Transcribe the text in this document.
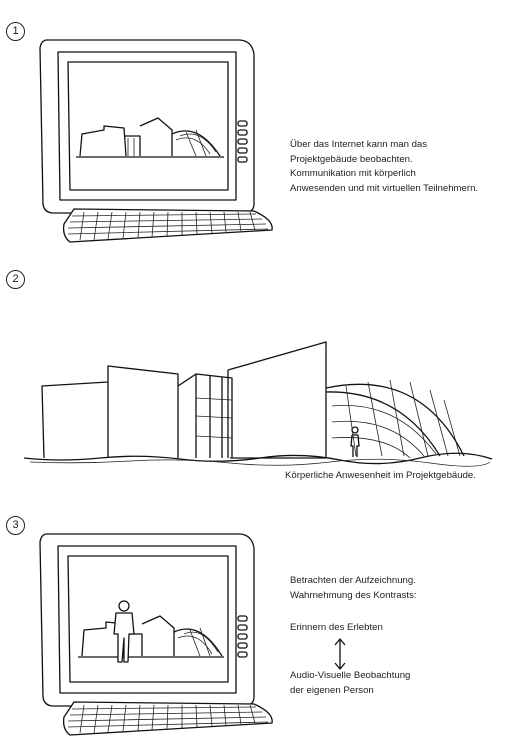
1
Über das Internet kann man das
Projektgebäude beobachten.
Kommunikation mit körperlich
Anwesenden und mit virtuellen Teilnehmern.
2
Körperliche Anwesenheit im Projektgebäude.
3
Betrachten der Aufzeichnung.
Wahrnehmung des Kontrasts:
Erinnern des Erlebten
Audio-Visuelle Beobachtung
der eigenen Person
